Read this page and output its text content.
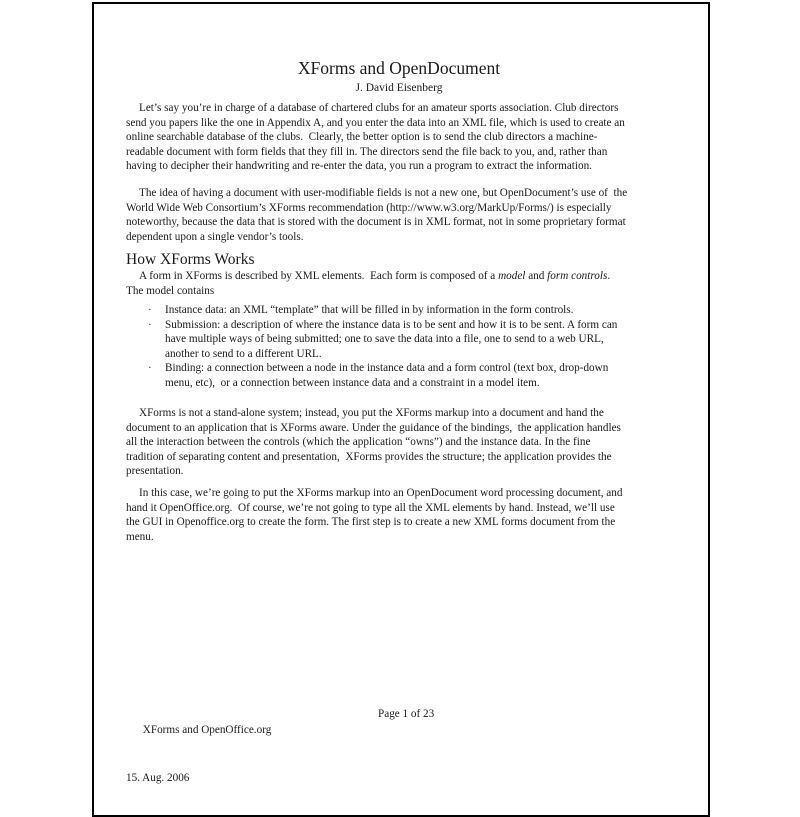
XForms and OpenDocument
J. David Eisenberg
Let’s say you’re in charge of a database of chartered clubs for an amateur sports association. Club directors
send you papers like the one in Appendix A, and you enter the data into an XML file, which is used to create an
online searchable database of the clubs.  Clearly, the better option is to send the club directors a machine-
readable document with form fields that they fill in. The directors send the file back to you, and, rather than
having to decipher their handwriting and re-enter the data, you run a program to extract the information.
The idea of having a document with user-modifiable fields is not a new one, but OpenDocument’s use of  the
World Wide Web Consortium’s XForms recommendation (http://www.w3.org/MarkUp/Forms/) is especially
noteworthy, because the data that is stored with the document is in XML format, not in some proprietary format
dependent upon a single vendor’s tools.
How XForms Works
A form in XForms is described by XML elements.  Each form is composed of a model and form controls.
The model contains
· Instance data: an XML “template” that will be filled in by information in the form controls.
· Submission: a description of where the instance data is to be sent and how it is to be sent. A form can
have multiple ways of being submitted; one to save the data into a file, one to send to a web URL,
another to send to a different URL.
· Binding: a connection between a node in the instance data and a form control (text box, drop-down
menu, etc),  or a connection between instance data and a constraint in a model item.
XForms is not a stand-alone system; instead, you put the XForms markup into a document and hand the
document to an application that is XForms aware. Under the guidance of the bindings,  the application handles
all the interaction between the controls (which the application “owns”) and the instance data. In the fine
tradition of separating content and presentation,  XForms provides the structure; the application provides the
presentation.
In this case, we’re going to put the XForms markup into an OpenDocument word processing document, and
hand it OpenOffice.org.  Of course, we’re not going to type all the XML elements by hand. Instead, we’ll use
the GUI in Openoffice.org to create the form. The first step is to create a new XML forms document from the
menu.

XForms and OpenOffice.org

Page 1 of 23

15. Aug. 2006
